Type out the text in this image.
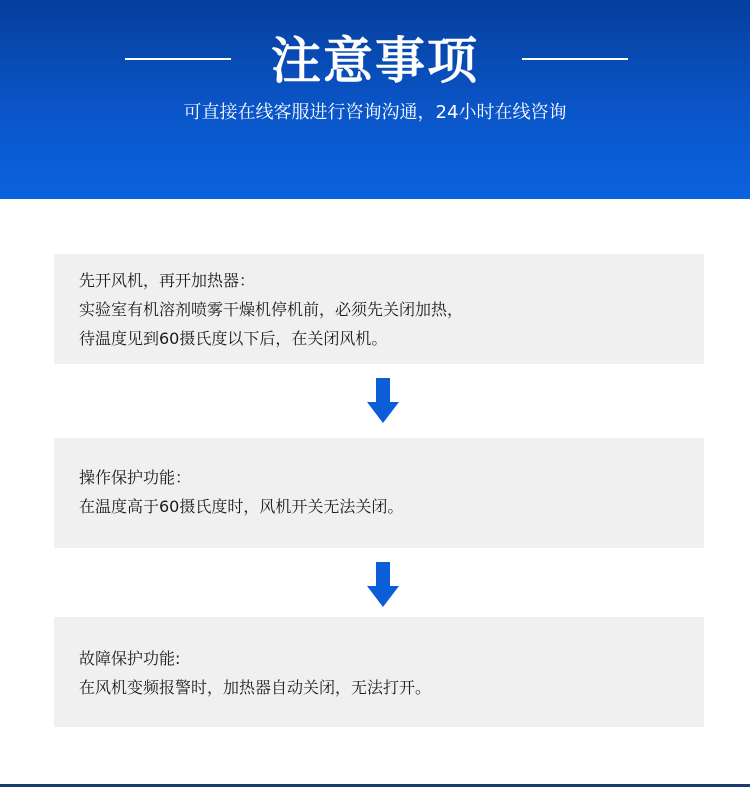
注意事项
可直接在线客服进行咨询沟通，24小时在线咨询
先开风机，再开加热器：
实验室有机溶剂喷雾干燥机停机前，必须先关闭加热，
待温度见到60摄氏度以下后，在关闭风机。
操作保护功能：
在温度高于60摄氏度时，风机开关无法关闭。
故障保护功能:
在风机变频报警时，加热器自动关闭，无法打开。
